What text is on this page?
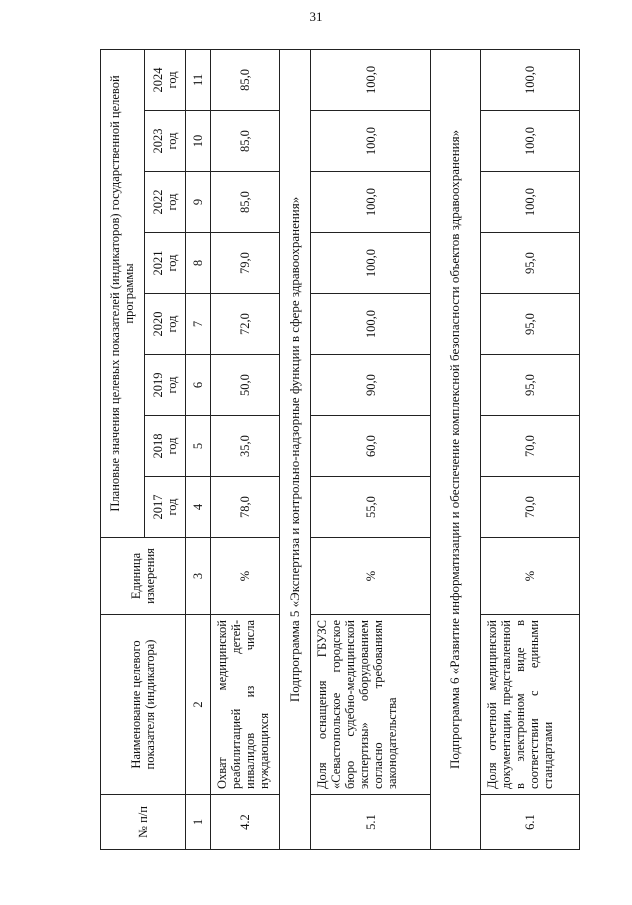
31
№ п/п	Наименование целевого показателя (индикатора)	Единица измерения	Плановые значения целевых показателей (индикаторов) государственной целевой программы							

			2017 год	2018 год	2019 год	2020 год	2021 год	2022 год	2023 год	2024 год

1	2	3	4	5	6	7	8	9	10	11
4.2	Охват медицинской реабилитацией детей-инвалидов из числа нуждающихся	%	78,0	35,0	50,0	72,0	79,0	85,0	85,0	85,0
Подпрограмма 5 «Экспертиза и контрольно-надзорные функции в сфере здравоохранения»										
5.1	Доля оснащения ГБУЗС «Севастопольское городское бюро судебно-медицинской экспертизы» оборудованием согласно требованиям законодательства	%	55,0	60,0	90,0	100,0	100,0	100,0	100,0	100,0
Подпрограмма 6 «Развитие информатизации и обеспечение комплексной безопасности объектов здравоохранения»										
6.1	Доля отчетной медицинской документации, представленной в электронном виде в соответствии с едиными стандартами	%	70,0	70,0	95,0	95,0	95,0	100,0	100,0	100,0
